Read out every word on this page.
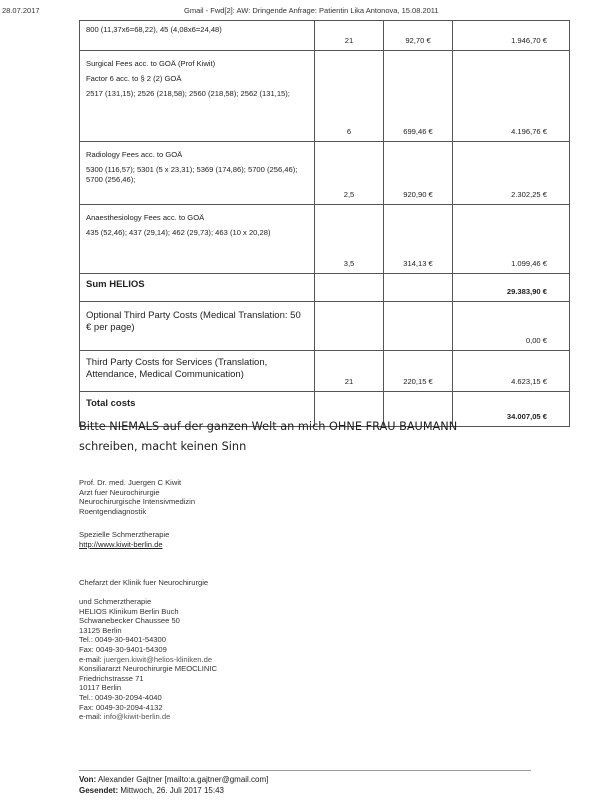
28.07.2017	Gmail - Fwd[2]: AW: Dringende Anfrage: Patientin Lika Antonova, 15.08.2011

800 (11,37x6=68,22), 45 (4,08x6=24,48)	21	92,70 €	1.946,70 €

Surgical Fees acc. to GOÄ (Prof Kiwit)

Factor 6 acc. to § 2 (2) GOÄ

2517 (131,15); 2526 (218,58); 2560 (218,58); 2562 (131,15);	6	699,46 €	4.196,76 €

Radiology Fees acc. to GOÄ

5300 (116,57); 5301 (5 x 23,31); 5369 (174,86); 5700 (256,46); 5700 (256,46);	2,5	920,90 €	2.302,25 €

Anaesthesiology Fees acc. to GOÄ

435 (52,46); 437 (29,14); 462 (29,73); 463 (10 x 20,28)	3,5	314,13 €	1.099,46 €
Sum HELIOS			29.383,90 €
Optional Third Party Costs (Medical Translation: 50 € per page)			0,00 €
Third Party Costs for Services (Translation, Attendance, Medical Communication)	21	220,15 €	4.623,15 €
Total costs			34.007,05 €
Bitte NIEMALS auf der ganzen Welt an mich OHNE FRAU BAUMANN
schreiben, macht keinen Sinn
Prof. Dr. med. Juergen C Kiwit
Arzt fuer Neurochirurgie
Neurochirurgische Intensivmedizin
Roentgendiagnostik
Spezielle Schmerztherapie
http://www.kiwit-berlin.de
Chefarzt der Klinik fuer Neurochirurgie
und Schmerztherapie
HELIOS Klinikum Berlin Buch
Schwanebecker Chaussee 50
13125 Berlin
Tel.: 0049-30-9401-54300
Fax: 0049-30-9401-54309
e-mail: juergen.kiwit@helios-kliniken.de
Konsiliararzt Neurochirurgie MEOCLINIC
Friedrichstrasse 71
10117 Berlin
Tel.: 0049-30-2094-4040
Fax: 0049-30-2094-4132
e-mail: info@kiwit-berlin.de
Von: Alexander Gajtner [mailto:a.gajtner@gmail.com]
Gesendet: Mittwoch, 26. Juli 2017 15:43
